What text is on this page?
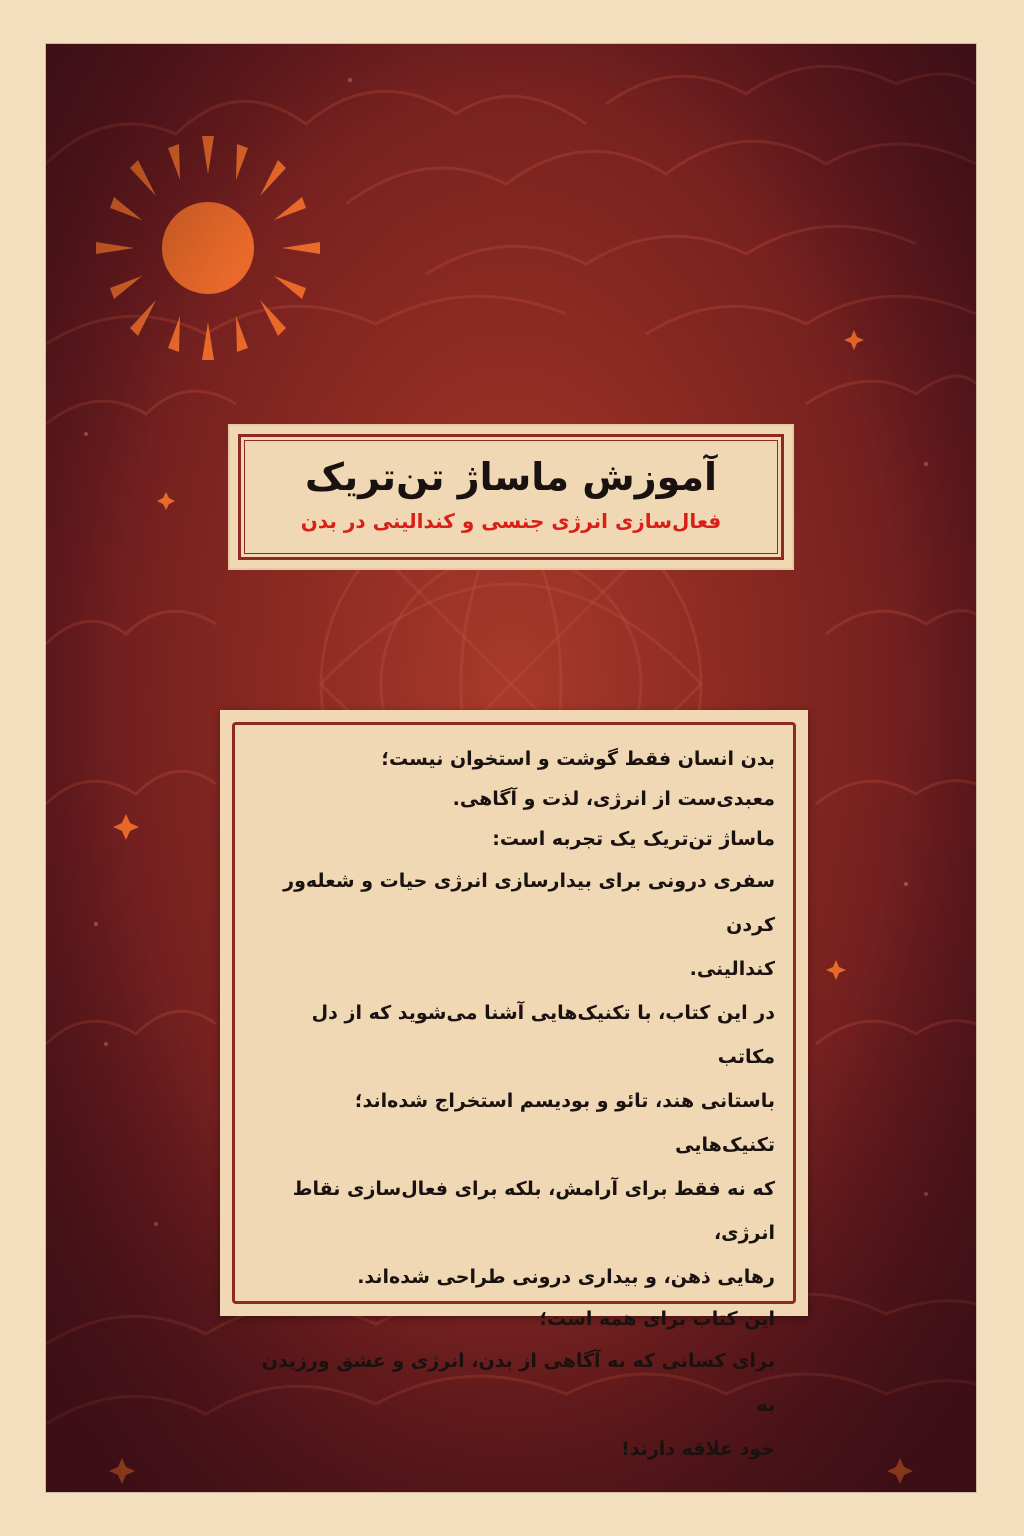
آموزش ماساژ تن‌تریک
فعال‌سازی انرژی جنسی و کندالینی در بدن

بدن انسان فقط گوشت و استخوان نیست؛

معبدی‌ست از انرژی، لذت و آگاهی.

ماساژ تن‌تریک یک تجربه است:

سفری درونی برای بیدارسازی انرژی حیات و شعله‌ور کردن

کندالینی.

در این کتاب، با تکنیک‌هایی آشنا می‌شوید که از دل مکاتب

باستانی هند، تائو و بودیسم استخراج شده‌اند؛ تکنیک‌هایی

که نه فقط برای آرامش، بلکه برای فعال‌سازی نقاط انرژی،

رهایی ذهن، و بیداری درونی طراحی شده‌اند.

این کتاب برای همه است؛

برای کسانی که به آگاهی از بدن، انرژی و عشق ورزیدن به

خود علاقه دارند!
